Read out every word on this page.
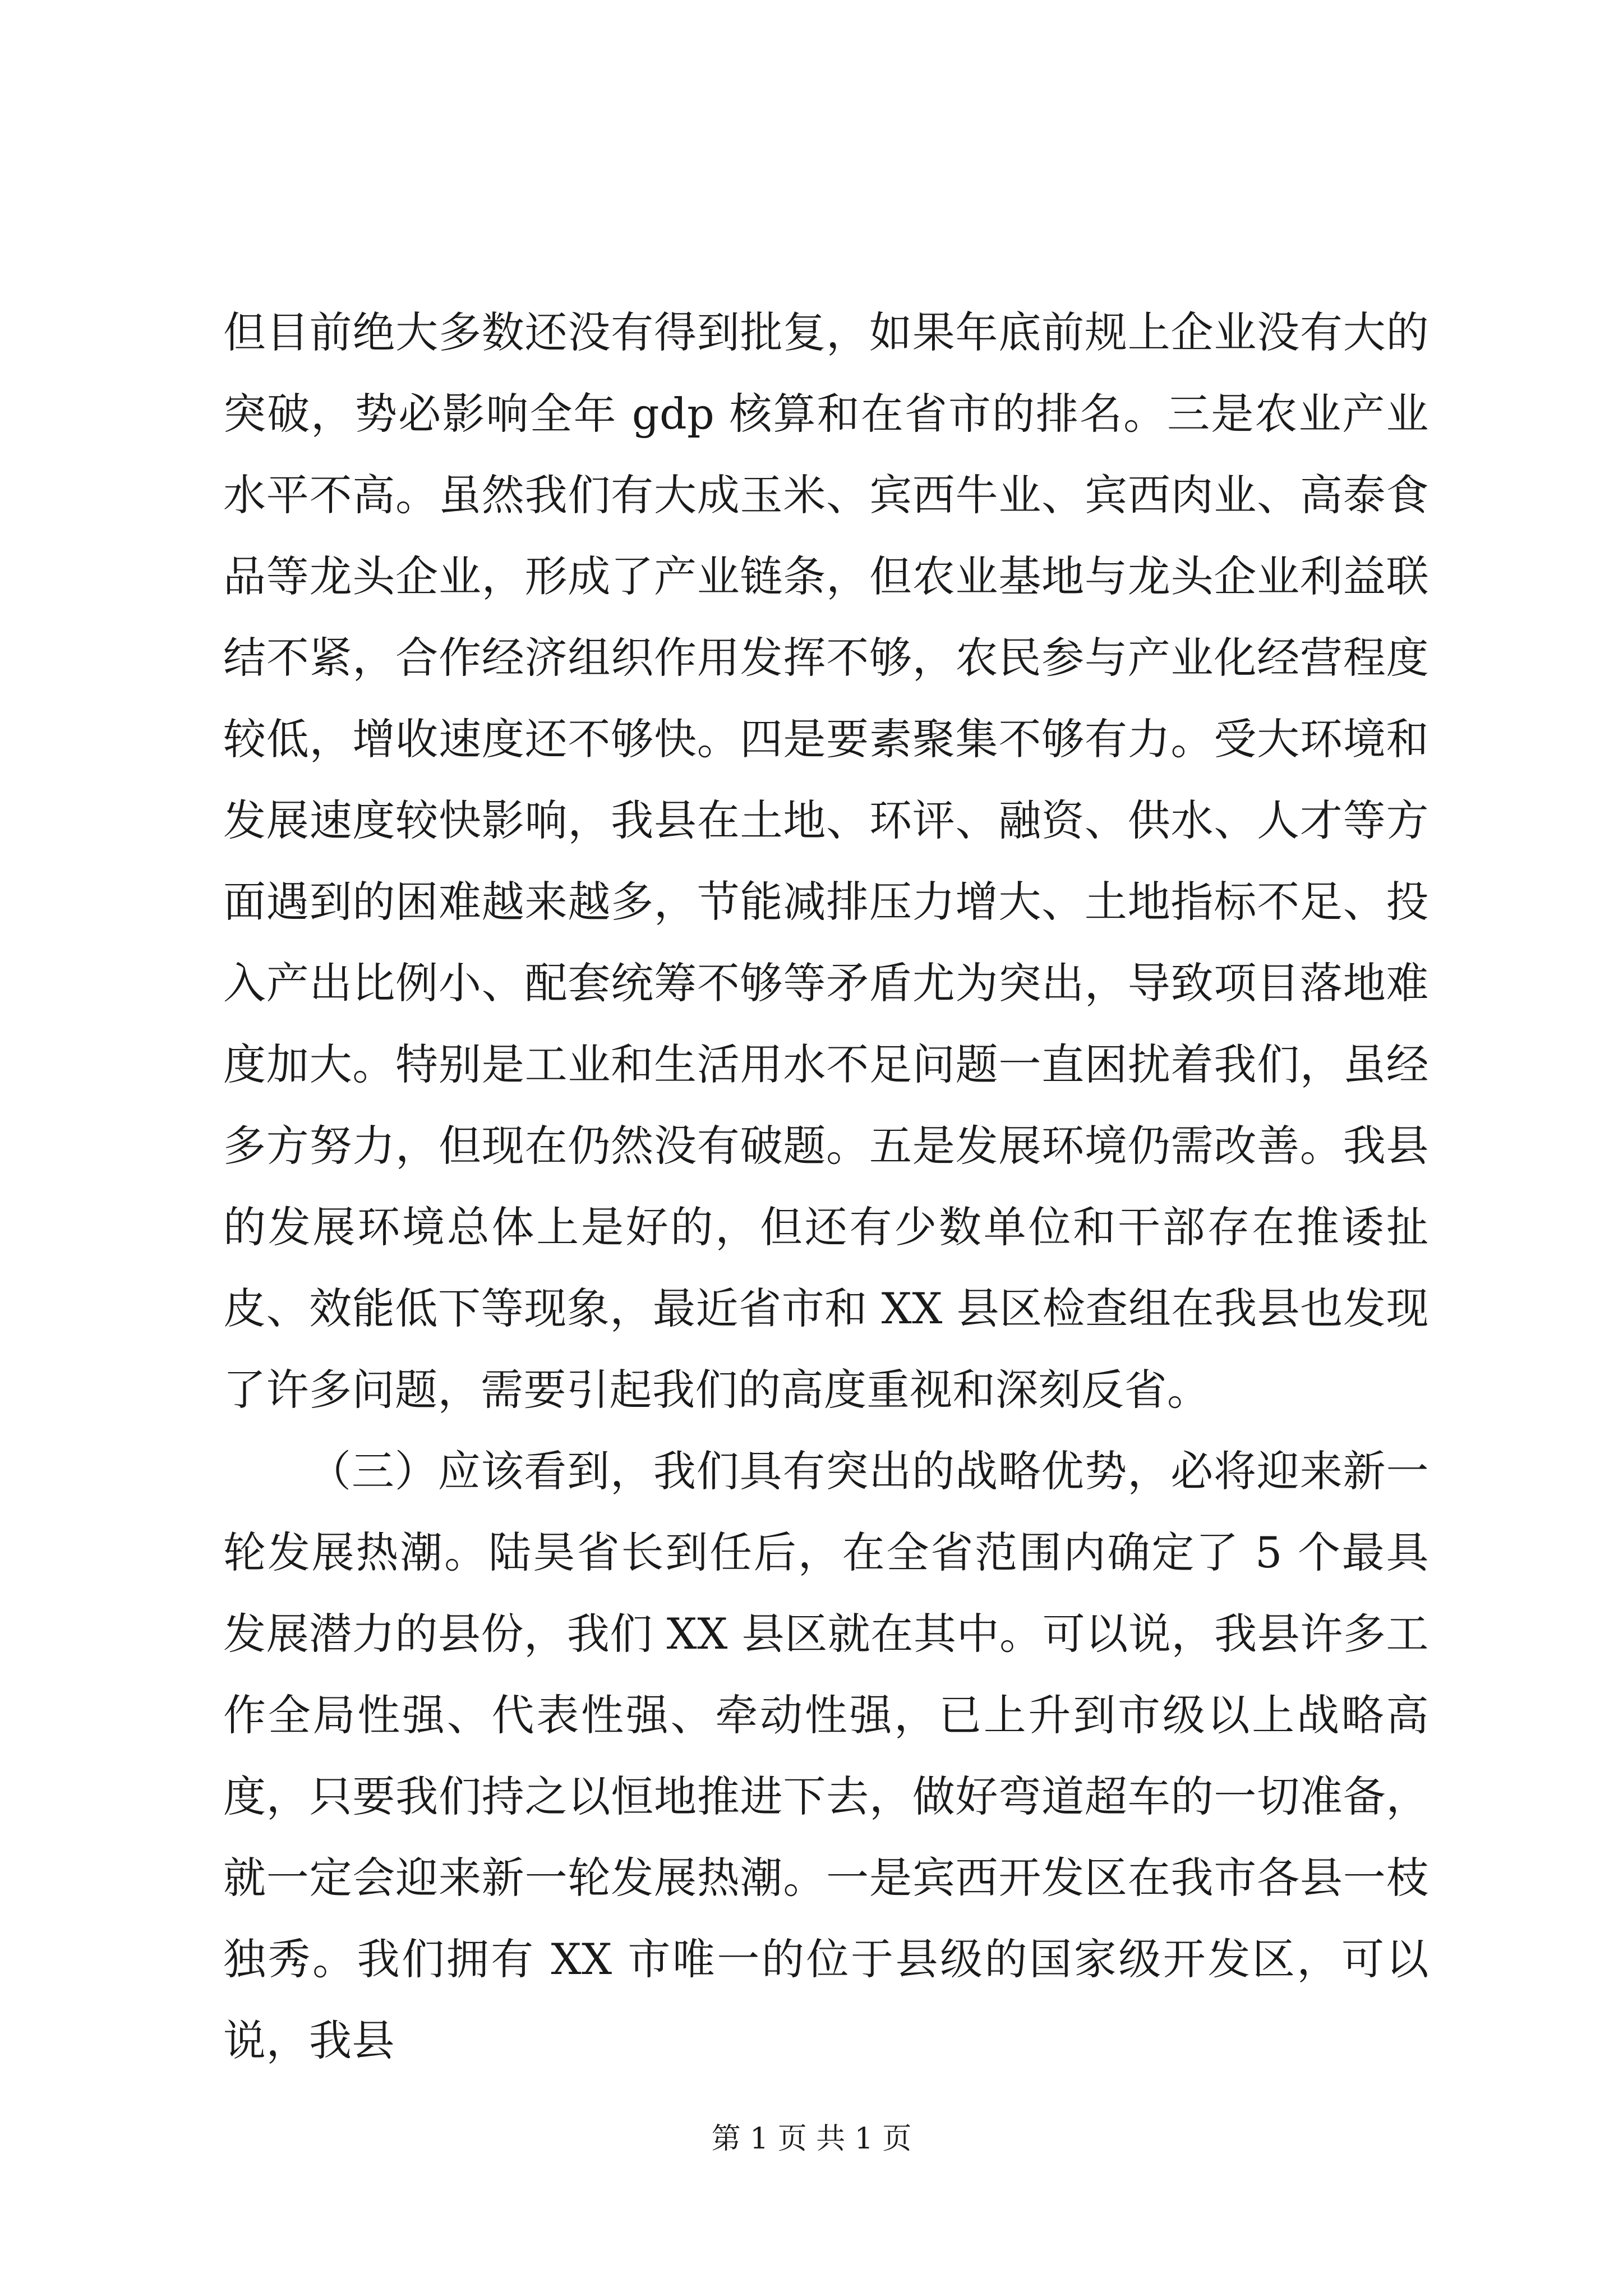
但目前绝大多数还没有得到批复，如果年底前规上企业没有大的突破，势必影响全年 gdp 核算和在省市的排名。三是农业产业水平不高。虽然我们有大成玉米、宾西牛业、宾西肉业、高泰食品等龙头企业，形成了产业链条，但农业基地与龙头企业利益联结不紧，合作经济组织作用发挥不够，农民参与产业化经营程度较低，增收速度还不够快。四是要素聚集不够有力。受大环境和发展速度较快影响，我县在土地、环评、融资、供水、人才等方面遇到的困难越来越多，节能减排压力增大、土地指标不足、投入产出比例小、配套统筹不够等矛盾尤为突出，导致项目落地难度加大。特别是工业和生活用水不足问题一直困扰着我们，虽经多方努力，但现在仍然没有破题。五是发展环境仍需改善。我县的发展环境总体上是好的，但还有少数单位和干部存在推诿扯皮、效能低下等现象，最近省市和 XX 县区检查组在我县也发现了许多问题，需要引起我们的高度重视和深刻反省。

（三）应该看到，我们具有突出的战略优势，必将迎来新一轮发展热潮。陆昊省长到任后，在全省范围内确定了 5 个最具发展潜力的县份，我们 XX 县区就在其中。可以说，我县许多工作全局性强、代表性强、牵动性强，已上升到市级以上战略高度，只要我们持之以恒地推进下去，做好弯道超车的一切准备，就一定会迎来新一轮发展热潮。一是宾西开发区在我市各县一枝独秀。我们拥有 XX 市唯一的位于县级的国家级开发区，可以说，我县

第 1 页 共 1 页
